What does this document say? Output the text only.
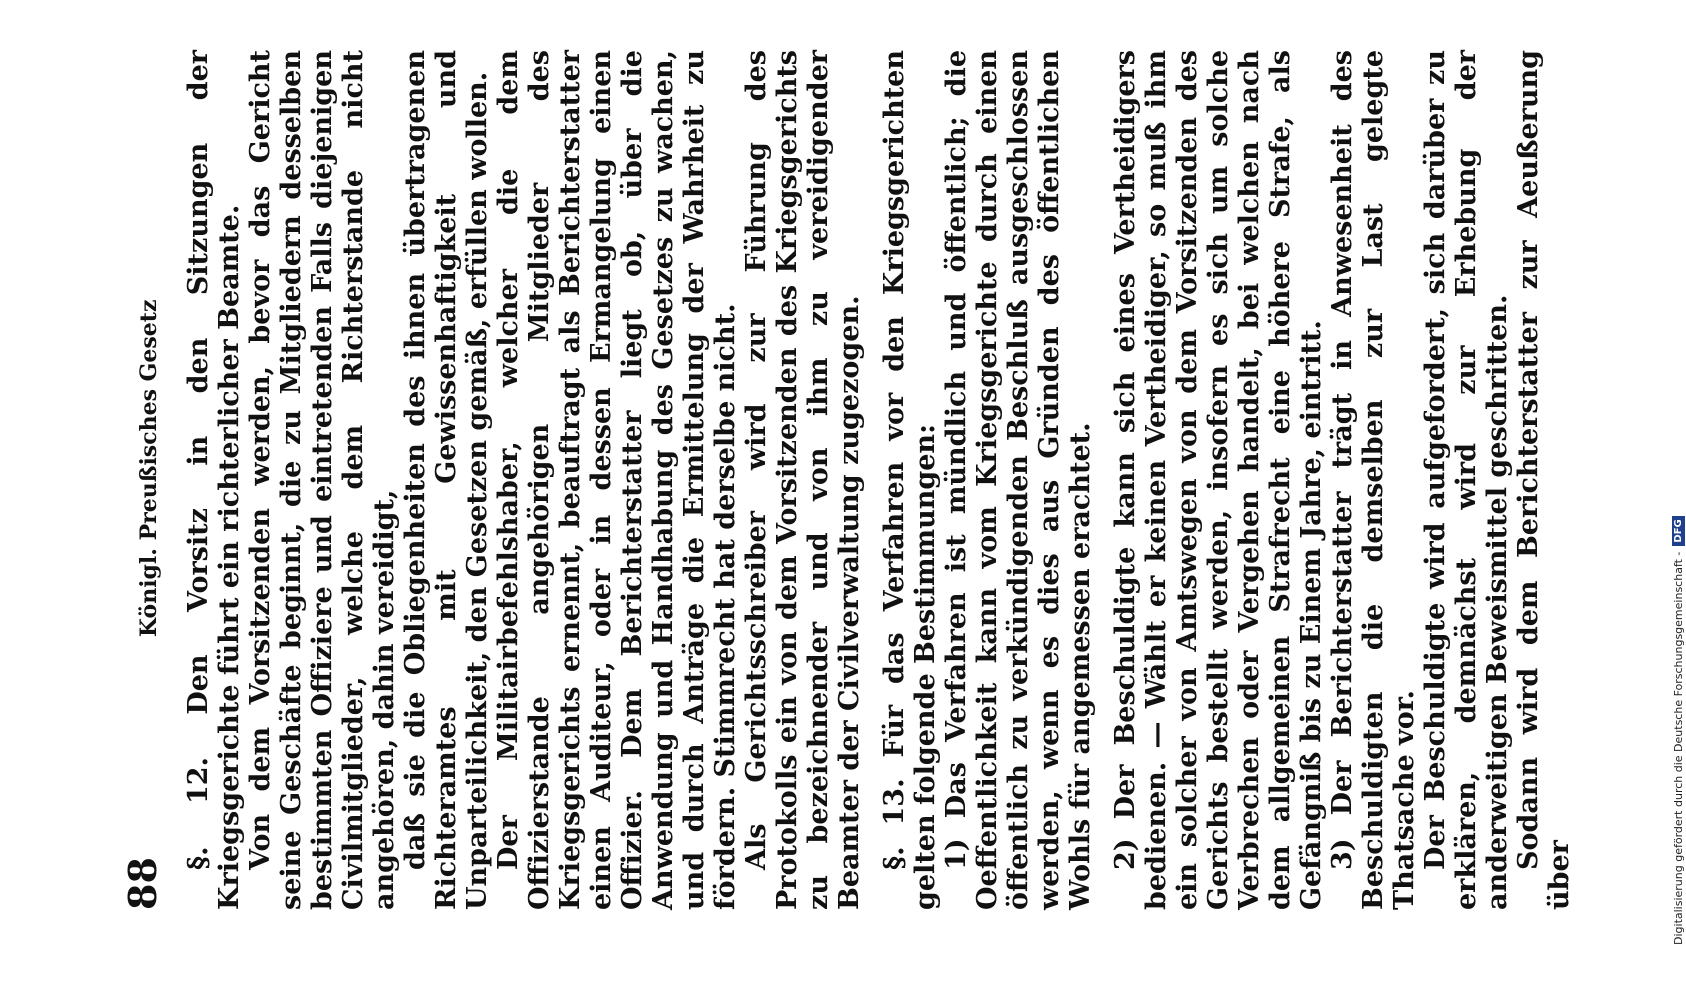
88
Königl. Preußisches Gesetz §. 12. Den Vorsitz in den Sitzungen der Kriegsgerichte führt ein richterlicher Beamte. Von dem Vorsitzenden werden, bevor das Gericht seine Geschäfte beginnt, die zu Mitgliedern desselben bestimmten Offiziere und eintretenden Falls diejenigen Civilmitglieder, welche dem Richterstande nicht angehören, dahin vereidigt, daß sie die Obliegenheiten des ihnen übertragenen Richteramtes mit Gewissenhaftigkeit und Unparteilichkeit, den Gesetzen gemäß, erfüllen wollen. Der Militairbefehlshaber, welcher die dem Offizierstande angehörigen Mitglieder des Kriegsgerichts ernennt, beauftragt als Berichterstatter einen Auditeur, oder in dessen Ermangelung einen Offizier. Dem Berichterstatter liegt ob, über die Anwendung und Handhabung des Gesetzes zu wachen, und durch Anträge die Ermittelung der Wahrheit zu fördern. Stimmrecht hat derselbe nicht. Als Gerichtsschreiber wird zur Führung des Protokolls ein von dem Vorsitzenden des Kriegsgerichts zu bezeichnender und von ihm zu vereidigender Beamter der Civilverwaltung zugezogen. §. 13. Für das Verfahren vor den Kriegsgerichten gelten folgende Bestimmungen: 1) Das Verfahren ist mündlich und öffentlich; die Oeffentlichkeit kann vom Kriegsgerichte durch einen öffentlich zu verkündigenden Beschluß ausgeschlossen werden, wenn es dies aus Gründen des öffentlichen Wohls für angemessen erachtet. 2) Der Beschuldigte kann sich eines Vertheidigers bedienen. — Wählt er keinen Vertheidiger, so muß ihm ein solcher von Amtswegen von dem Vorsitzenden des Gerichts bestellt werden, insofern es sich um solche Verbrechen oder Vergehen handelt, bei welchen nach dem allgemeinen Strafrecht eine höhere Strafe, als Gefängniß bis zu Einem Jahre, eintritt. 3) Der Berichterstatter trägt in Anwesenheit des Beschuldigten die demselben zur Last gelegte Thatsache vor. Der Beschuldigte wird aufgefordert, sich darüber zu erklären, demnächst wird zur Erhebung der anderweitigen Beweismittel geschritten. Sodann wird dem Berichterstatter zur Aeußerung über	Digitalisierung gefördert durch die Deutsche Forschungsgemeinschaft -
DFG
